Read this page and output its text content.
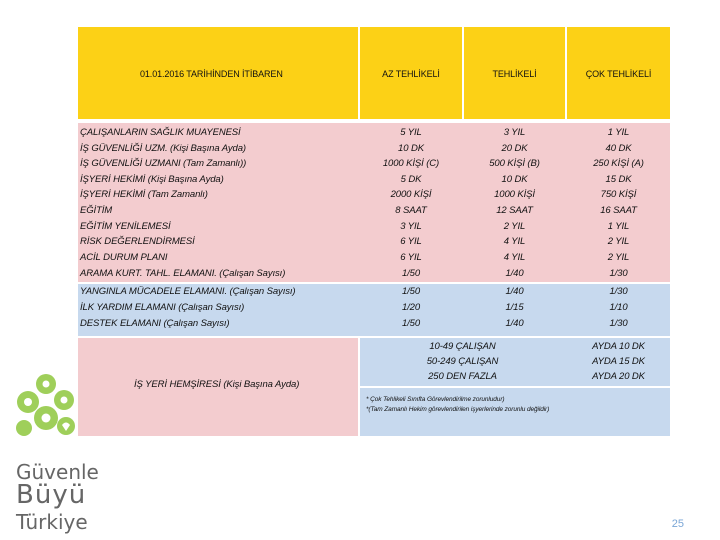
01.01.2016 TARİHİNDEN İTİBAREN	AZ TEHLİKELİ	TEHLİKELİ	ÇOK TEHLİKELİ
ÇALIŞANLARIN SAĞLIK MUAYENESİ	5 YIL	3 YIL	1 YIL
İŞ GÜVENLİĞİ UZM. (Kişi Başına Ayda)	10 DK	20 DK	40 DK
İŞ GÜVENLİĞİ UZMANI (Tam Zamanlı))	1000 KİŞİ (C)	500 KİŞİ (B)	250 KİŞİ (A)
İŞYERİ HEKİMİ (Kişi Başına Ayda)	5 DK	10 DK	15 DK
İŞYERİ HEKİMİ (Tam Zamanlı)	2000 KİŞİ	1000 KİŞİ	750 KİŞİ
EĞİTİM	8 SAAT	12 SAAT	16 SAAT
EĞİTİM YENİLEMESİ	3 YIL	2 YIL	1 YIL
RİSK DEĞERLENDİRMESİ	6 YIL	4 YIL	2 YIL
ACİL DURUM PLANI	6 YIL	4 YIL	2 YIL
ARAMA KURT. TAHL. ELAMANI. (Çalışan Sayısı)	1/50	1/40	1/30
YANGINLA MÜCADELE ELAMANI. (Çalışan Sayısı)	1/50	1/40	1/30
İLK YARDIM ELAMANI (Çalışan Sayısı)	1/20	1/15	1/10
DESTEK ELAMANI (Çalışan Sayısı)	1/50	1/40	1/30
İŞ YERİ HEMŞİRESİ (Kişi Başına Ayda)
10-49 ÇALIŞAN	AYDA 10 DK
50-249 ÇALIŞAN	AYDA 15 DK
250 DEN FAZLA	AYDA 20 DK
* Çok Tehlikeli Sınıfta Görevlendirilme zorunludur)
*(Tam Zamanlı Hekim görevlendirilen işyerlerinde zorunlu değildir)
Güvenle
Büyü
Türkiye	25
